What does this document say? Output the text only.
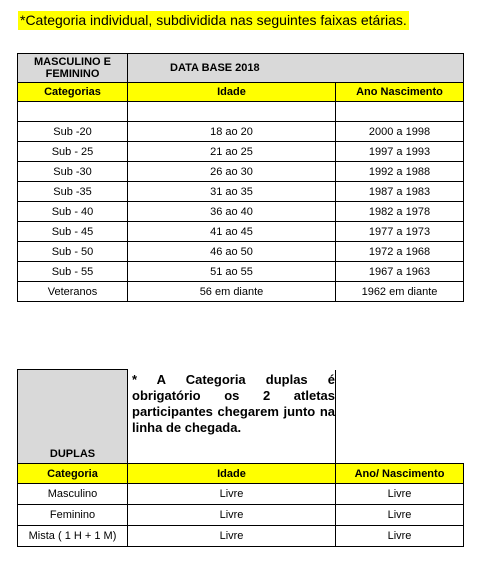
*Categoria individual, subdividida nas seguintes faixas etárias.
MASCULINO E FEMININO	DATA BASE 2018	
Categorias	Idade	Ano Nascimento

Sub -20	18 ao 20	2000 a 1998
Sub - 25	21 ao 25	1997 a 1993
Sub -30	26 ao 30	1992 a 1988
Sub -35	31 ao 35	1987 a 1983
Sub - 40	36 ao 40	1982 a 1978
Sub - 45	41 ao 45	1977 a 1973
Sub - 50	46 ao 50	1972 a 1968
Sub - 55	51 ao 55	1967 a 1963
Veteranos	56 em diante	1962 em diante
DUPLAS	* A Categoria duplas é obrigatório os 2 atletas participantes chegarem junto na linha de chegada.	
Categoria	Idade	Ano/ Nascimento
Masculino	Livre	Livre
Feminino	Livre	Livre
Mista ( 1 H + 1 M)	Livre	Livre
